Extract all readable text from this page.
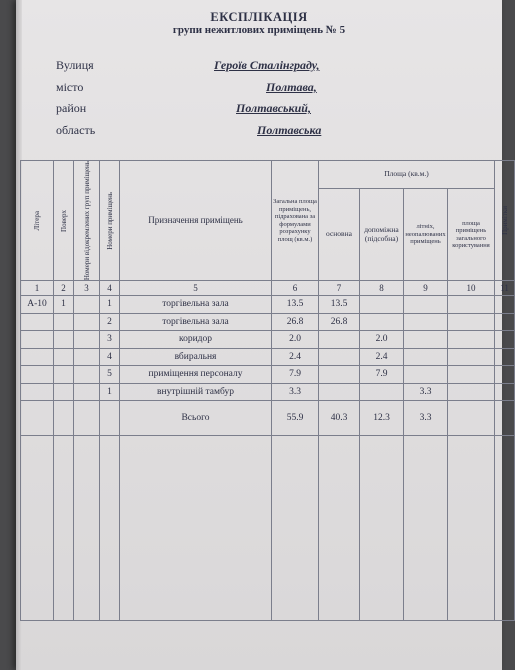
ЕКСПЛІКАЦІЯ
групи нежитлових приміщень № 5
Вулиця	Героїв Сталінграду,
місто	Полтава,
район	Полтавський,
область	Полтавська
Літера	Поверх	Номери відокремлених груп приміщень	Номери приміщень	Призначення приміщень	Загальна площа приміщень, підрахована за формулами розрахунку площ (кв.м.)	Площа (кв.м.)				Примітки

						основна	допоміжна (підсобна)	літніх, неопалюваних приміщень	площа приміщень загального користування	
1	2	3	4	5	6	7	8	9	10	11
А-10	1		1	торгівельна зала	13.5	13.5				
			2	торгівельна зала	26.8	26.8				
			3	коридор	2.0		2.0			
			4	вбиральня	2.4		2.4			
			5	приміщення персоналу	7.9		7.9			
			1	внутрішній тамбур	3.3			3.3		
				Всього	55.9	40.3	12.3	3.3		
